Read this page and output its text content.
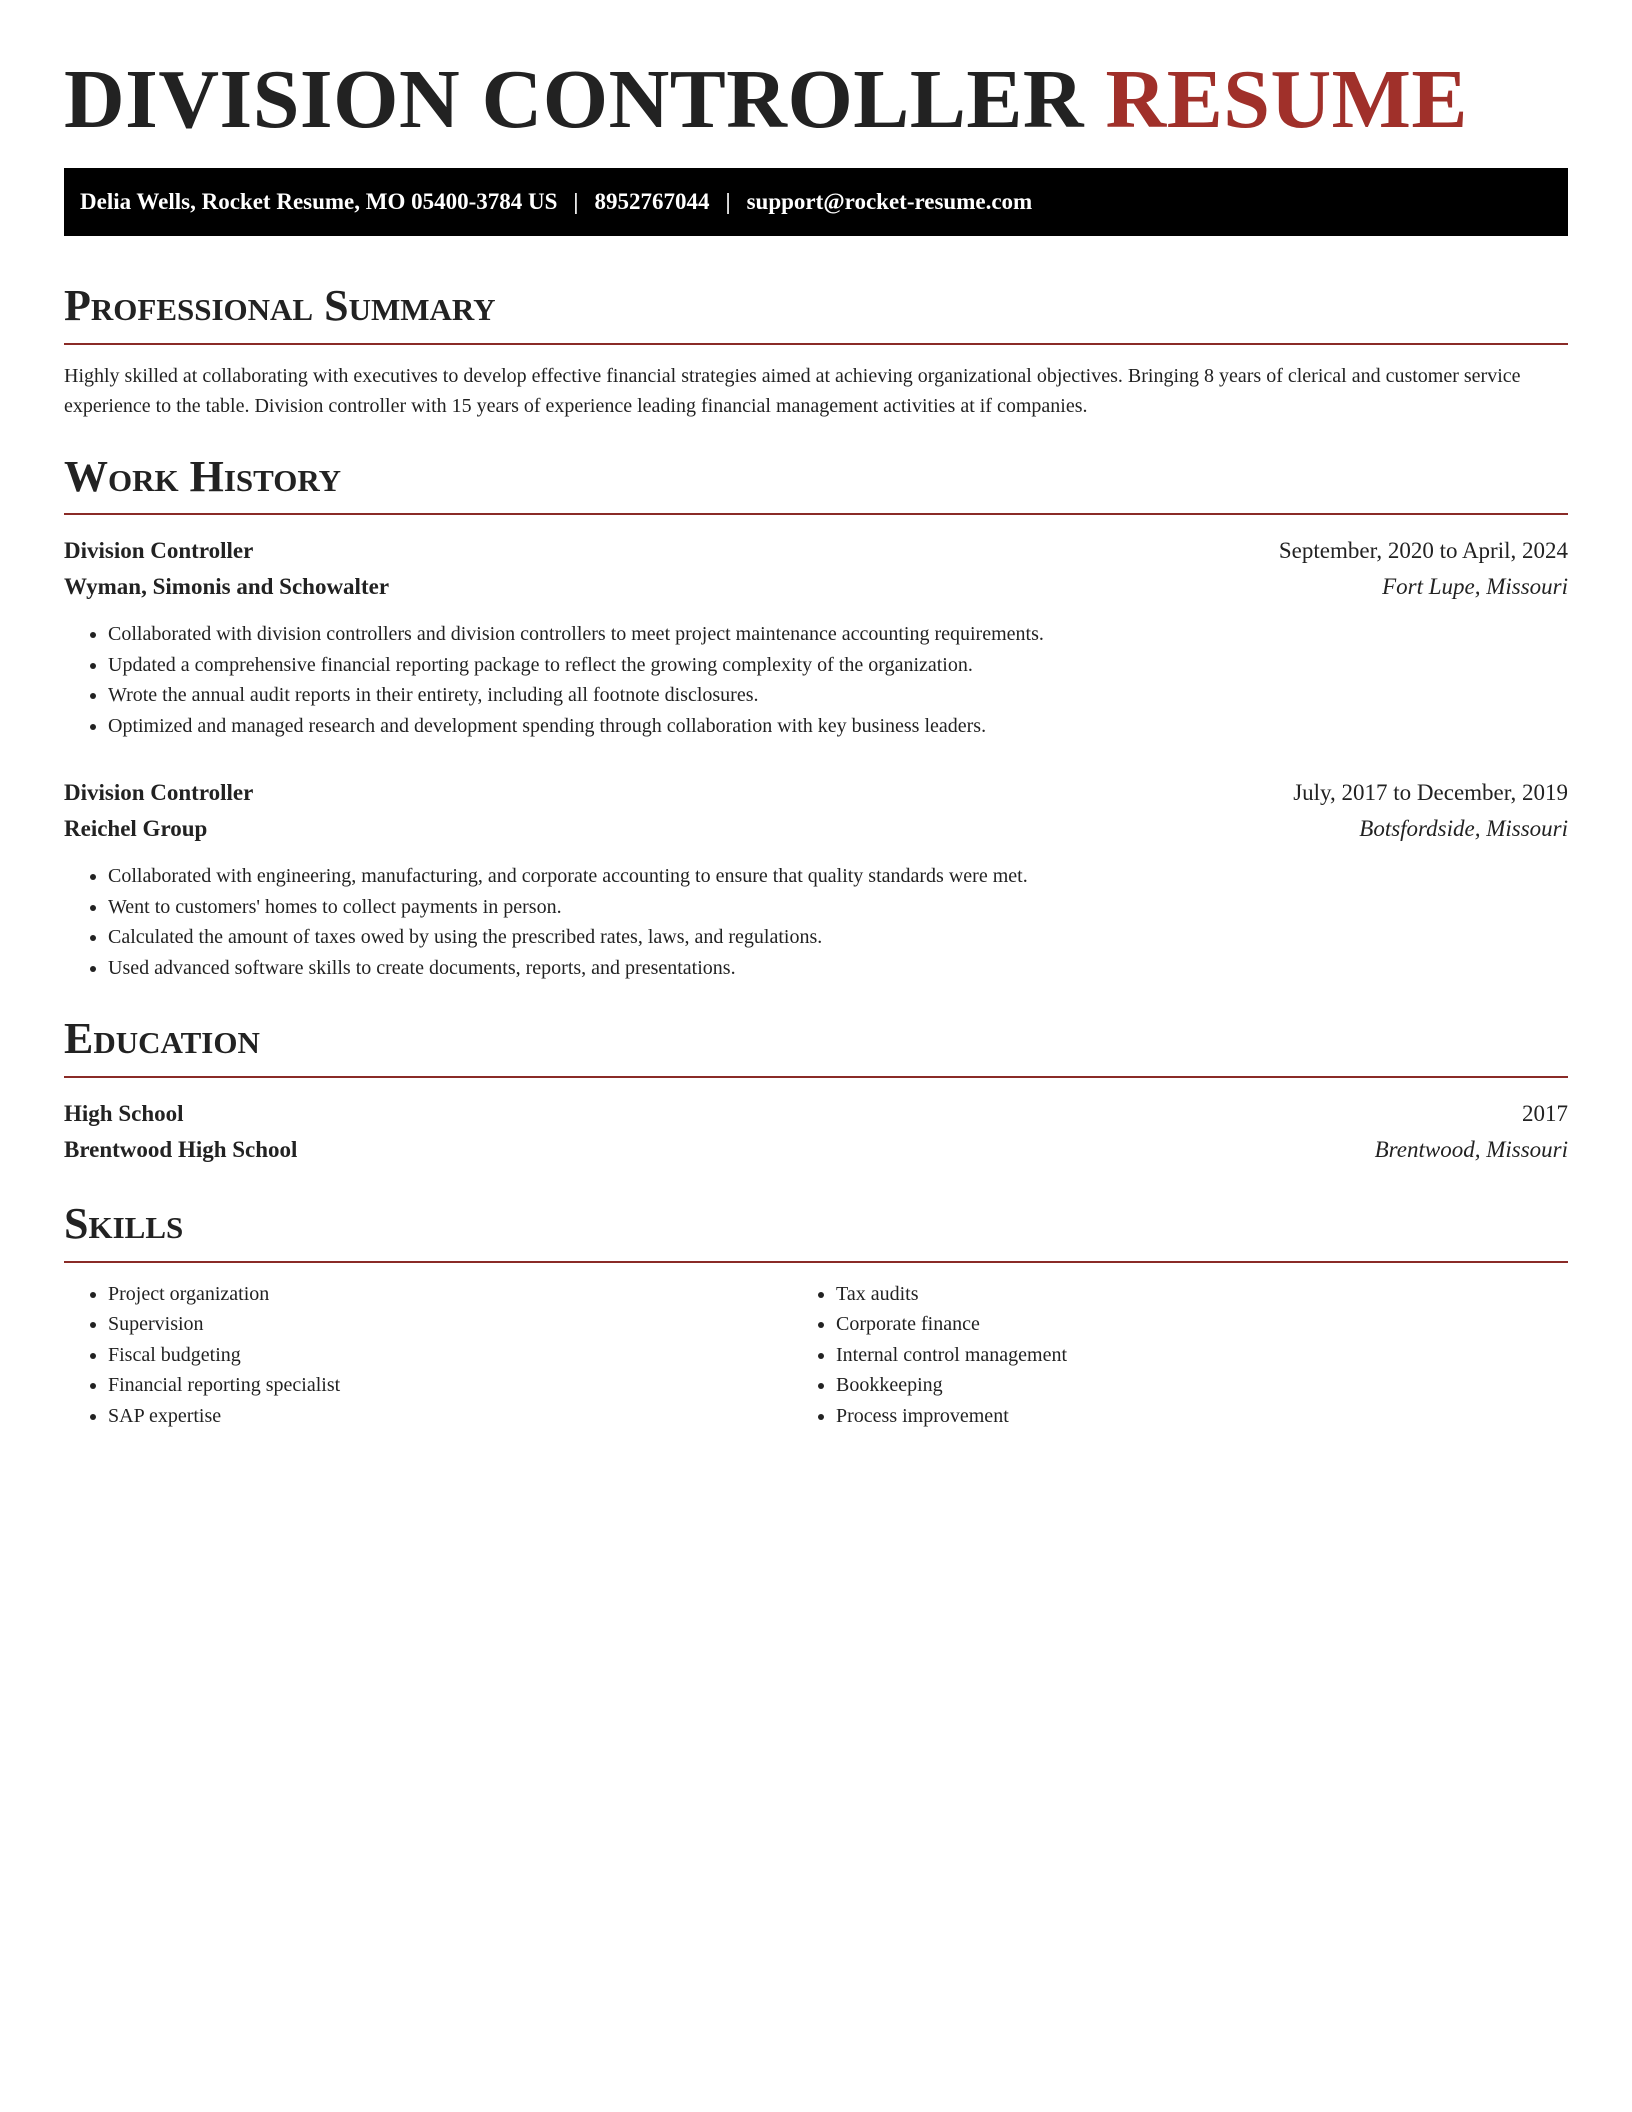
DIVISION CONTROLLER RESUME
Delia Wells, Rocket Resume, MO 05400-3784 US | 8952767044 | support@rocket-resume.com
Professional Summary

Highly skilled at collaborating with executives to develop effective financial strategies aimed at achieving organizational objectives. Bringing 8 years of clerical and customer service experience to the table. Division controller with 15 years of experience leading financial management activities at if companies.

Work History
Division Controller	September, 2020 to April, 2024
Wyman, Simonis and Schowalter	Fort Lupe, Missouri
• Collaborated with division controllers and division controllers to meet project maintenance accounting requirements.
• Updated a comprehensive financial reporting package to reflect the growing complexity of the organization.
• Wrote the annual audit reports in their entirety, including all footnote disclosures.
• Optimized and managed research and development spending through collaboration with key business leaders.
Division Controller	July, 2017 to December, 2019
Reichel Group	Botsfordside, Missouri
• Collaborated with engineering, manufacturing, and corporate accounting to ensure that quality standards were met.
• Went to customers' homes to collect payments in person.
• Calculated the amount of taxes owed by using the prescribed rates, laws, and regulations.
• Used advanced software skills to create documents, reports, and presentations.
Education
High School	2017
Brentwood High School	Brentwood, Missouri
Skills
• Project organization
• Supervision
• Fiscal budgeting
• Financial reporting specialist
• SAP expertise
• Tax audits
• Corporate finance
• Internal control management
• Bookkeeping
• Process improvement
